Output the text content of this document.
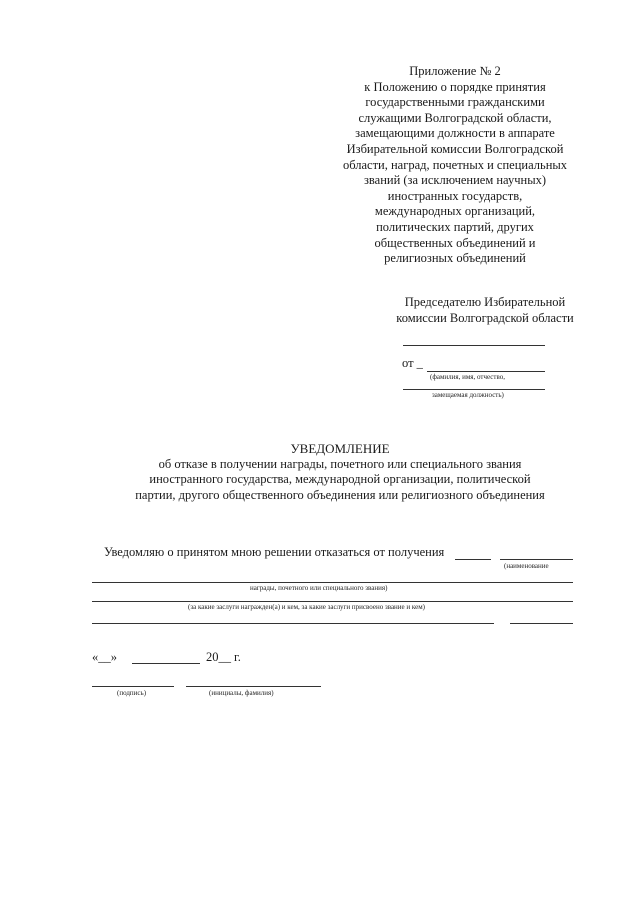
Приложение № 2
к Положению о порядке принятия
государственными гражданскими
служащими Волгоградской области,
замещающими должности в аппарате
Избирательной комиссии Волгоградской
области, наград, почетных и специальных
званий (за исключением научных)
иностранных государств,
международных организаций,
политических партий, других
общественных объединений и
религиозных объединений
Председателю Избирательной
комиссии Волгоградской области
от _
(фамилия, имя, отчество,
замещаемая должность)
УВЕДОМЛЕНИЕ
об отказе в получении награды, почетного или специального звания
иностранного государства, международной организации, политической
партии, другого общественного объединения или религиозного объединения
Уведомляю о принятом мною решении отказаться от получения
(наименование
награды, почетного или специального звания)
(за какие заслуги награжден(а) и кем, за какие заслуги присвоено звание и кем)
«__»	20__ г.
(подпись)	(инициалы, фамилия)
